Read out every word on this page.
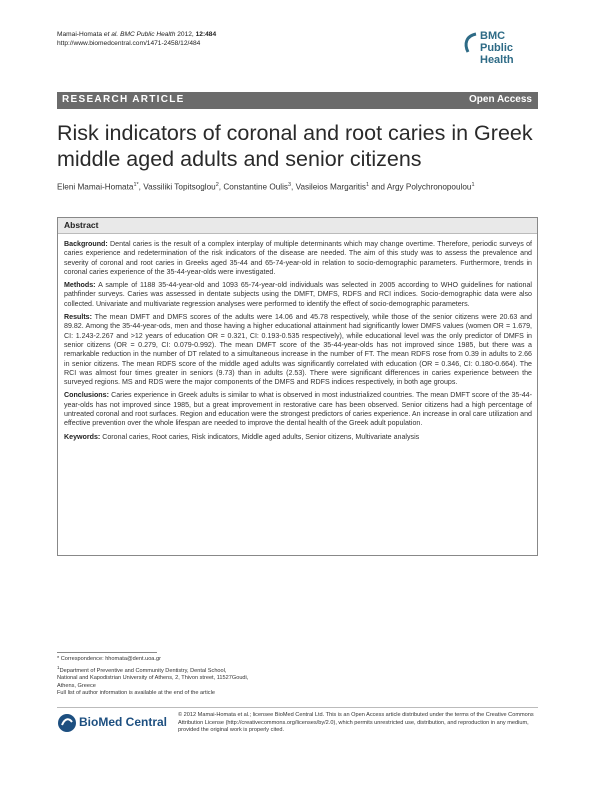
Mamai-Homata et al. BMC Public Health 2012, 12:484
http://www.biomedcentral.com/1471-2458/12/484
BMC
Public Health
RESEARCH ARTICLE	Open Access
Risk indicators of coronal and root caries in Greek middle aged adults and senior citizens
Eleni Mamai-Homata$^{1*}$, Vassiliki Topitsoglou$^2$, Constantine Oulis$^3$, Vasileios Margaritis$^1$ and Argy Polychronopoulou$^1$
Abstract

Background: Dental caries is the result of a complex interplay of multiple determinants which may change overtime. Therefore, periodic surveys of caries experience and redetermination of the risk indicators of the disease are needed. The aim of this study was to assess the prevalence and severity of coronal and root caries in Greeks aged 35-44 and 65-74-year-old in relation to socio-demographic parameters. Furthermore, trends in coronal caries experience of the 35-44-year-olds were investigated.

Methods: A sample of 1188 35-44-year-old and 1093 65-74-year-old individuals was selected in 2005 according to WHO guidelines for national pathfinder surveys. Caries was assessed in dentate subjects using the DMFT, DMFS, RDFS and RCI indices. Socio-demographic data were also collected. Univariate and multivariate regression analyses were performed to identify the effect of socio-demographic parameters.

Results: The mean DMFT and DMFS scores of the adults were 14.06 and 45.78 respectively, while those of the senior citizens were 20.63 and 89.82. Among the 35-44-year-ods, men and those having a higher educational attainment had significantly lower DMFS values (women OR = 1.679, CI: 1.243-2.267 and >12 years of education OR = 0.321, CI: 0.193-0.535 respectively), while educational level was the only predictor of DMFS in senior citizens (OR = 0.279, CI: 0.079-0.992). The mean DMFT score of the 35-44-year-olds has not improved since 1985, but there was a remarkable reduction in the number of DT related to a simultaneous increase in the number of FT. The mean RDFS rose from 0.39 in adults to 2.66 in senior citizens. The mean RDFS score of the middle aged adults was significantly correlated with education (OR = 0.346, CI: 0.180-0.664). The RCI was almost four times greater in seniors (9.73) than in adults (2.53). There were significant differences in caries experience between the surveyed regions. MS and RDS were the major components of the DMFS and RDFS indices respectively, in both age groups.

Conclusions: Caries experience in Greek adults is similar to what is observed in most industrialized countries. The mean DMFT score of the 35-44-year-olds has not improved since 1985, but a great improvement in restorative care has been observed. Senior citizens had a high percentage of untreated coronal and root surfaces. Region and education were the strongest predictors of caries experience. An increase in oral care utilization and effective prevention over the whole lifespan are needed to improve the dental health of the Greek adult population.

Keywords: Coronal caries, Root caries, Risk indicators, Middle aged adults, Senior citizens, Multivariate analysis

* Correspondence: hhomata@dent.uoa.gr
$^1$Department of Preventive and Community Dentistry, Dental School,
National and Kapodistrian University of Athens, 2, Thivon street, 11527Goudi,
Athens, Greece
Full list of author information is available at the end of the article
BioMed Central © 2012 Mamai-Homata et al.; licensee BioMed Central Ltd. This is an Open Access article distributed under the terms of the Creative Commons Attribution License (http://creativecommons.org/licenses/by/2.0), which permits unrestricted use, distribution, and reproduction in any medium, provided the original work is properly cited.
